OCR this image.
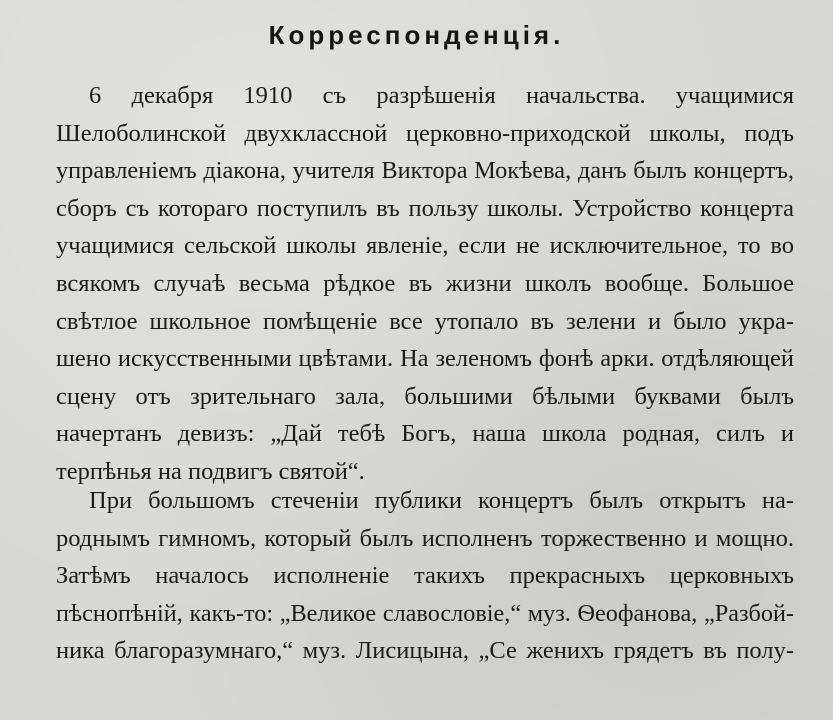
Корреспонденція.
6 декабря 1910 съ разрѣшенія начальства. учащимися
Шелоболинской двухклассной церковно-приходской школы, подъ
управленіемъ діакона, учителя Виктора Мокѣева, данъ былъ концертъ,
сборъ съ котораго поступилъ въ пользу школы. Устройство концерта
учащимися сельской школы явленіе, если не исключительное, то во
всякомъ случаѣ весьма рѣдкое въ жизни школъ вообще. Большое
свѣтлое школьное помѣщеніе все утопало въ зелени и было укра-
шено искусственными цвѣтами. На зеленомъ фонѣ арки. отдѣляющей
сцену отъ зрительнаго зала, большими бѣлыми буквами былъ
начертанъ девизъ: „Дай тебѣ Богъ, наша школа родная, силъ и
терпѣнья на подвигъ святой“.
При большомъ стеченіи публики концертъ былъ открытъ на-
роднымъ гимномъ, который былъ исполненъ торжественно и мощно.
Затѣмъ началось исполненіе такихъ прекрасныхъ церковныхъ
пѣснопѣній, какъ-то: „Великое славословіе,“ муз. Ѳеофанова, „Разбой-
ника благоразумнаго,“ муз. Лисицына, „Се женихъ грядетъ въ полу-
